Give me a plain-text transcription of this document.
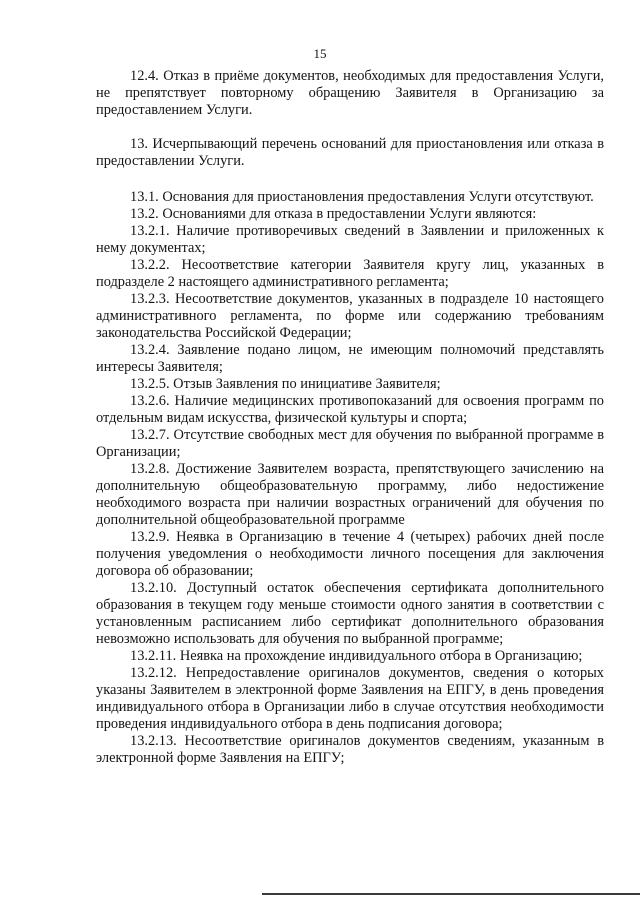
15

12.4. Отказ в приёме документов, необходимых для предоставления Услуги, не препятствует повторному обращению Заявителя в Организацию за предоставлением Услуги.

13. Исчерпывающий перечень оснований для приостановления или отказа в предоставлении Услуги.

13.1. Основания для приостановления предоставления Услуги отсутствуют.

13.2. Основаниями для отказа в предоставлении Услуги являются:

13.2.1. Наличие противоречивых сведений в Заявлении и приложенных к нему документах;

13.2.2. Несоответствие категории Заявителя кругу лиц, указанных в подразделе 2 настоящего административного регламента;

13.2.3. Несоответствие документов, указанных в подразделе 10 настоящего административного регламента, по форме или содержанию требованиям законодательства Российской Федерации;

13.2.4. Заявление подано лицом, не имеющим полномочий представлять интересы Заявителя;

13.2.5. Отзыв Заявления по инициативе Заявителя;

13.2.6. Наличие медицинских противопоказаний для освоения программ по отдельным видам искусства, физической культуры и спорта;

13.2.7. Отсутствие свободных мест для обучения по выбранной программе в Организации;

13.2.8. Достижение Заявителем возраста, препятствующего зачислению на дополнительную общеобразовательную программу, либо недостижение необходимого возраста при наличии возрастных ограничений для обучения по дополнительной общеобразовательной программе

13.2.9. Неявка в Организацию в течение 4 (четырех) рабочих дней после получения уведомления о необходимости личного посещения для заключения договора об образовании;

13.2.10. Доступный остаток обеспечения сертификата дополнительного образования в текущем году меньше стоимости одного занятия в соответствии с установленным расписанием либо сертификат дополнительного образования невозможно использовать для обучения по выбранной программе;

13.2.11. Неявка на прохождение индивидуального отбора в Организацию;

13.2.12. Непредоставление оригиналов документов, сведения о которых указаны Заявителем в электронной форме Заявления на ЕПГУ, в день проведения индивидуального отбора в Организации либо в случае отсутствия необходимости проведения индивидуального отбора в день подписания договора;

13.2.13. Несоответствие оригиналов документов сведениям, указанным в электронной форме Заявления на ЕПГУ;
